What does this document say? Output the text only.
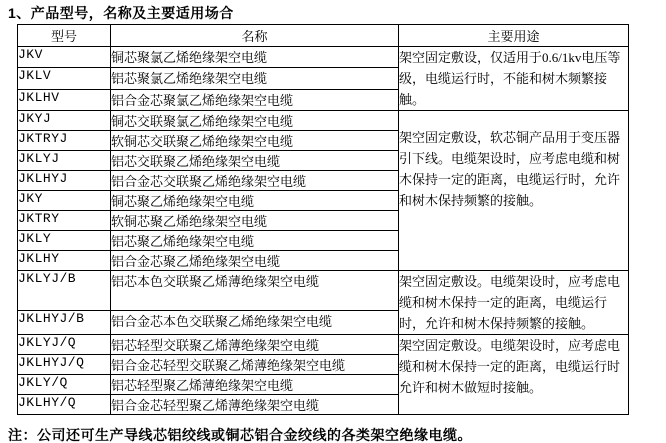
1、产品型号，名称及主要适用场合
型号	名称	主要用途
JKV	铜芯聚氯乙烯绝缘架空电缆	架空固定敷设，仅适用于0.6/1kv电压等级，电缆运行时，不能和树木频繁接触。
JKLV	铝芯聚氯乙烯绝缘架空电缆	
JKLHV	铝合金芯聚氯乙烯绝缘架空电缆	
JKYJ	铜芯交联聚氯乙烯绝缘架空电缆	架空固定敷设，软芯铜产品用于变压器引下线。电缆架设时，应考虑电缆和树木保持一定的距离，电缆运行时，允许和树木保持频繁的接触。
JKTRYJ	软铜芯交联聚乙烯绝缘架空电缆	
JKLYJ	铝芯交联聚乙烯绝缘架空电缆	
JKLHYJ	铝合金芯交联聚乙烯绝缘架空电缆	
JKY	铜芯聚乙烯绝缘架空电缆	
JKTRY	软铜芯聚乙烯绝缘架空电缆	
JKLY	铝芯聚乙烯绝缘架空电缆	
JKLHY	铝合金芯聚乙烯绝缘架空电缆	
JKLYJ/B	铝芯本色交联聚乙烯薄绝缘架空电缆	架空固定敷设。电缆架设时，应考虑电缆和树木保持一定的距离，电缆运行时，允许和树木保持频繁的接触。
JKLHYJ/B	铝合金芯本色交联聚乙烯绝缘架空电缆	
JKLYJ/Q	铝芯轻型交联聚乙烯薄绝缘架空电缆	架空固定敷设。电缆架设时，应考虑电缆和树木保持一定的距离，电缆运行时允许和树木做短时接触。
JKLHYJ/Q	铝合金芯轻型交联聚乙烯薄绝缘架空电缆	
JKLY/Q	铝芯轻型聚乙烯薄绝缘架空电缆	
JKLHY/Q	铝合金芯轻型聚乙烯薄绝缘架空电缆	
注：公司还可生产导线芯铝绞线或铜芯铝合金绞线的各类架空绝缘电缆。
